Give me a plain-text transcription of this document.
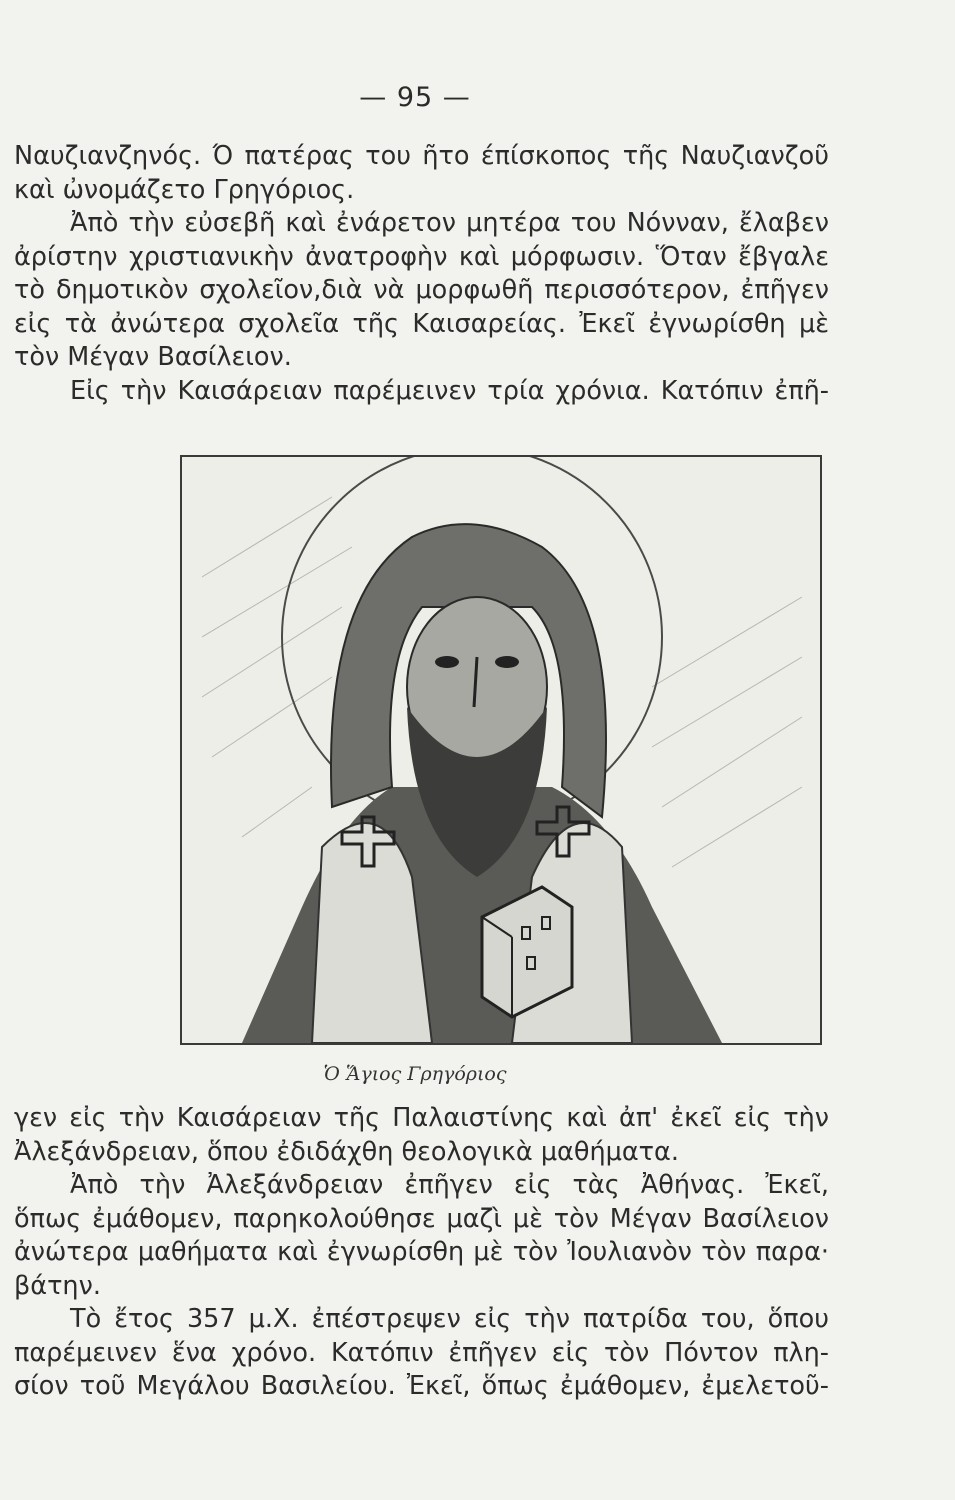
— 95 —
Ναυζιανζηνός. Ό πατέρας του ῆτο έπίσκοπος τῆς Ναυζιανζοῦ
καὶ ὠνομάζετο Γρηγόριος.
Ἀπὸ τὴν εὐσεβῆ καὶ ἐνάρετον μητέρα του Νόνναν, ἔλαβεν
ἀρίστην χριστιανικὴν ἀνατροφὴν καὶ μόρφωσιν. Ὅταν ἔβγαλε
τὸ δημοτικὸν σχολεῖον,διὰ νὰ μορφωθῆ περισσότερον, ἐπῆγεν
εἰς τὰ ἀνώτερα σχολεῖα τῆς Καισαρείας. Ἐκεῖ ἐγνωρίσθη μὲ
τὸν Μέγαν Βασίλειον.
Εἰς τὴν Καισάρειαν παρέμεινεν τρία χρόνια. Κατόπιν ἐπῆ-
Ὁ Ἅγιος Γρηγόριος
γεν εἰς τὴν Καισάρειαν τῆς Παλαιστίνης καὶ ἀπ' ἐκεῖ εἰς τὴν
Ἀλεξάνδρειαν, ὅπου ἐδιδάχθη θεολογικὰ μαθήματα.
Ἀπὸ τὴν Ἀλεξάνδρειαν ἐπῆγεν εἰς τὰς Ἀθήνας. Ἐκεῖ,
ὅπως ἐμάθομεν, παρηκολούθησε μαζὶ μὲ τὸν Μέγαν Βασίλειον
ἀνώτερα μαθήματα καὶ ἐγνωρίσθη μὲ τὸν Ἰουλιανὸν τὸν παρα·
βάτην.
Τὸ ἔτος 357 μ.Χ. ἐπέστρεψεν εἰς τὴν πατρίδα του, ὅπου
παρέμεινεν ἕνα χρόνο. Κατόπιν ἐπῆγεν εἰς τὸν Πόντον πλη-
σίον τοῦ Μεγάλου Βασιλείου. Ἐκεῖ, ὅπως ἐμάθομεν, ἐμελετοῦ-
